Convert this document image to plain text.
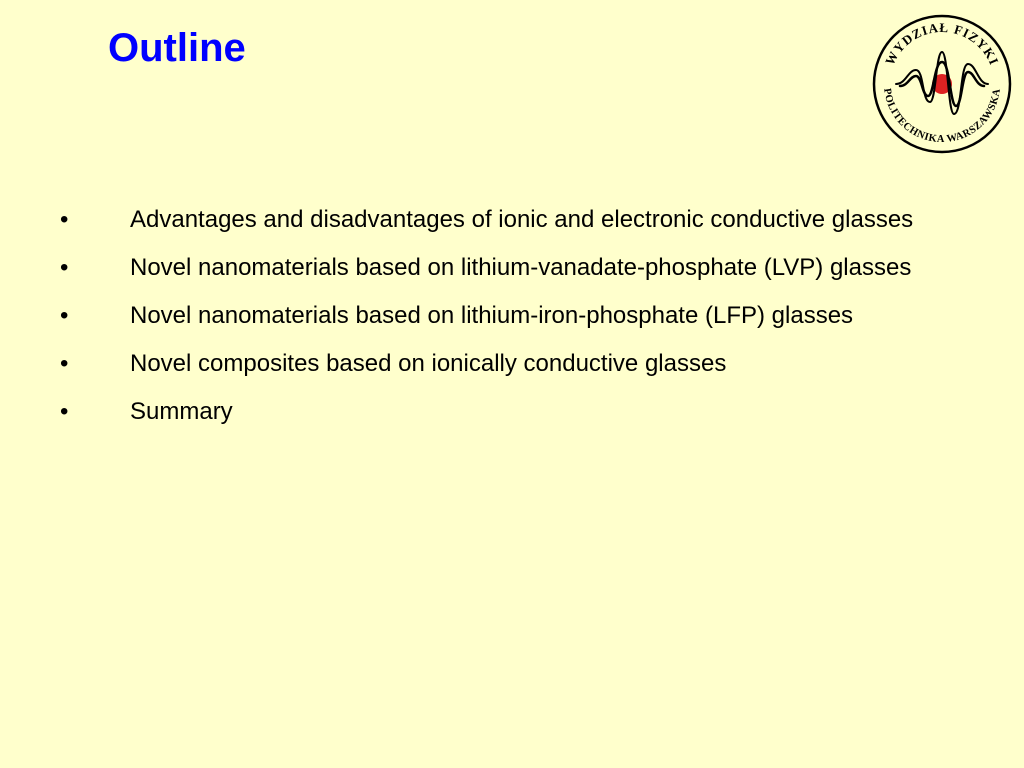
Outline	WYDZIAŁ FIZYKI
POLITECHNIKA WARSZAWSKA
•	Advantages and disadvantages of ionic and electronic conductive glasses
•	Novel nanomaterials based on lithium-vanadate-phosphate (LVP) glasses
•	Novel nanomaterials based on lithium-iron-phosphate (LFP) glasses
•	Novel composites based on ionically conductive glasses
•	Summary
